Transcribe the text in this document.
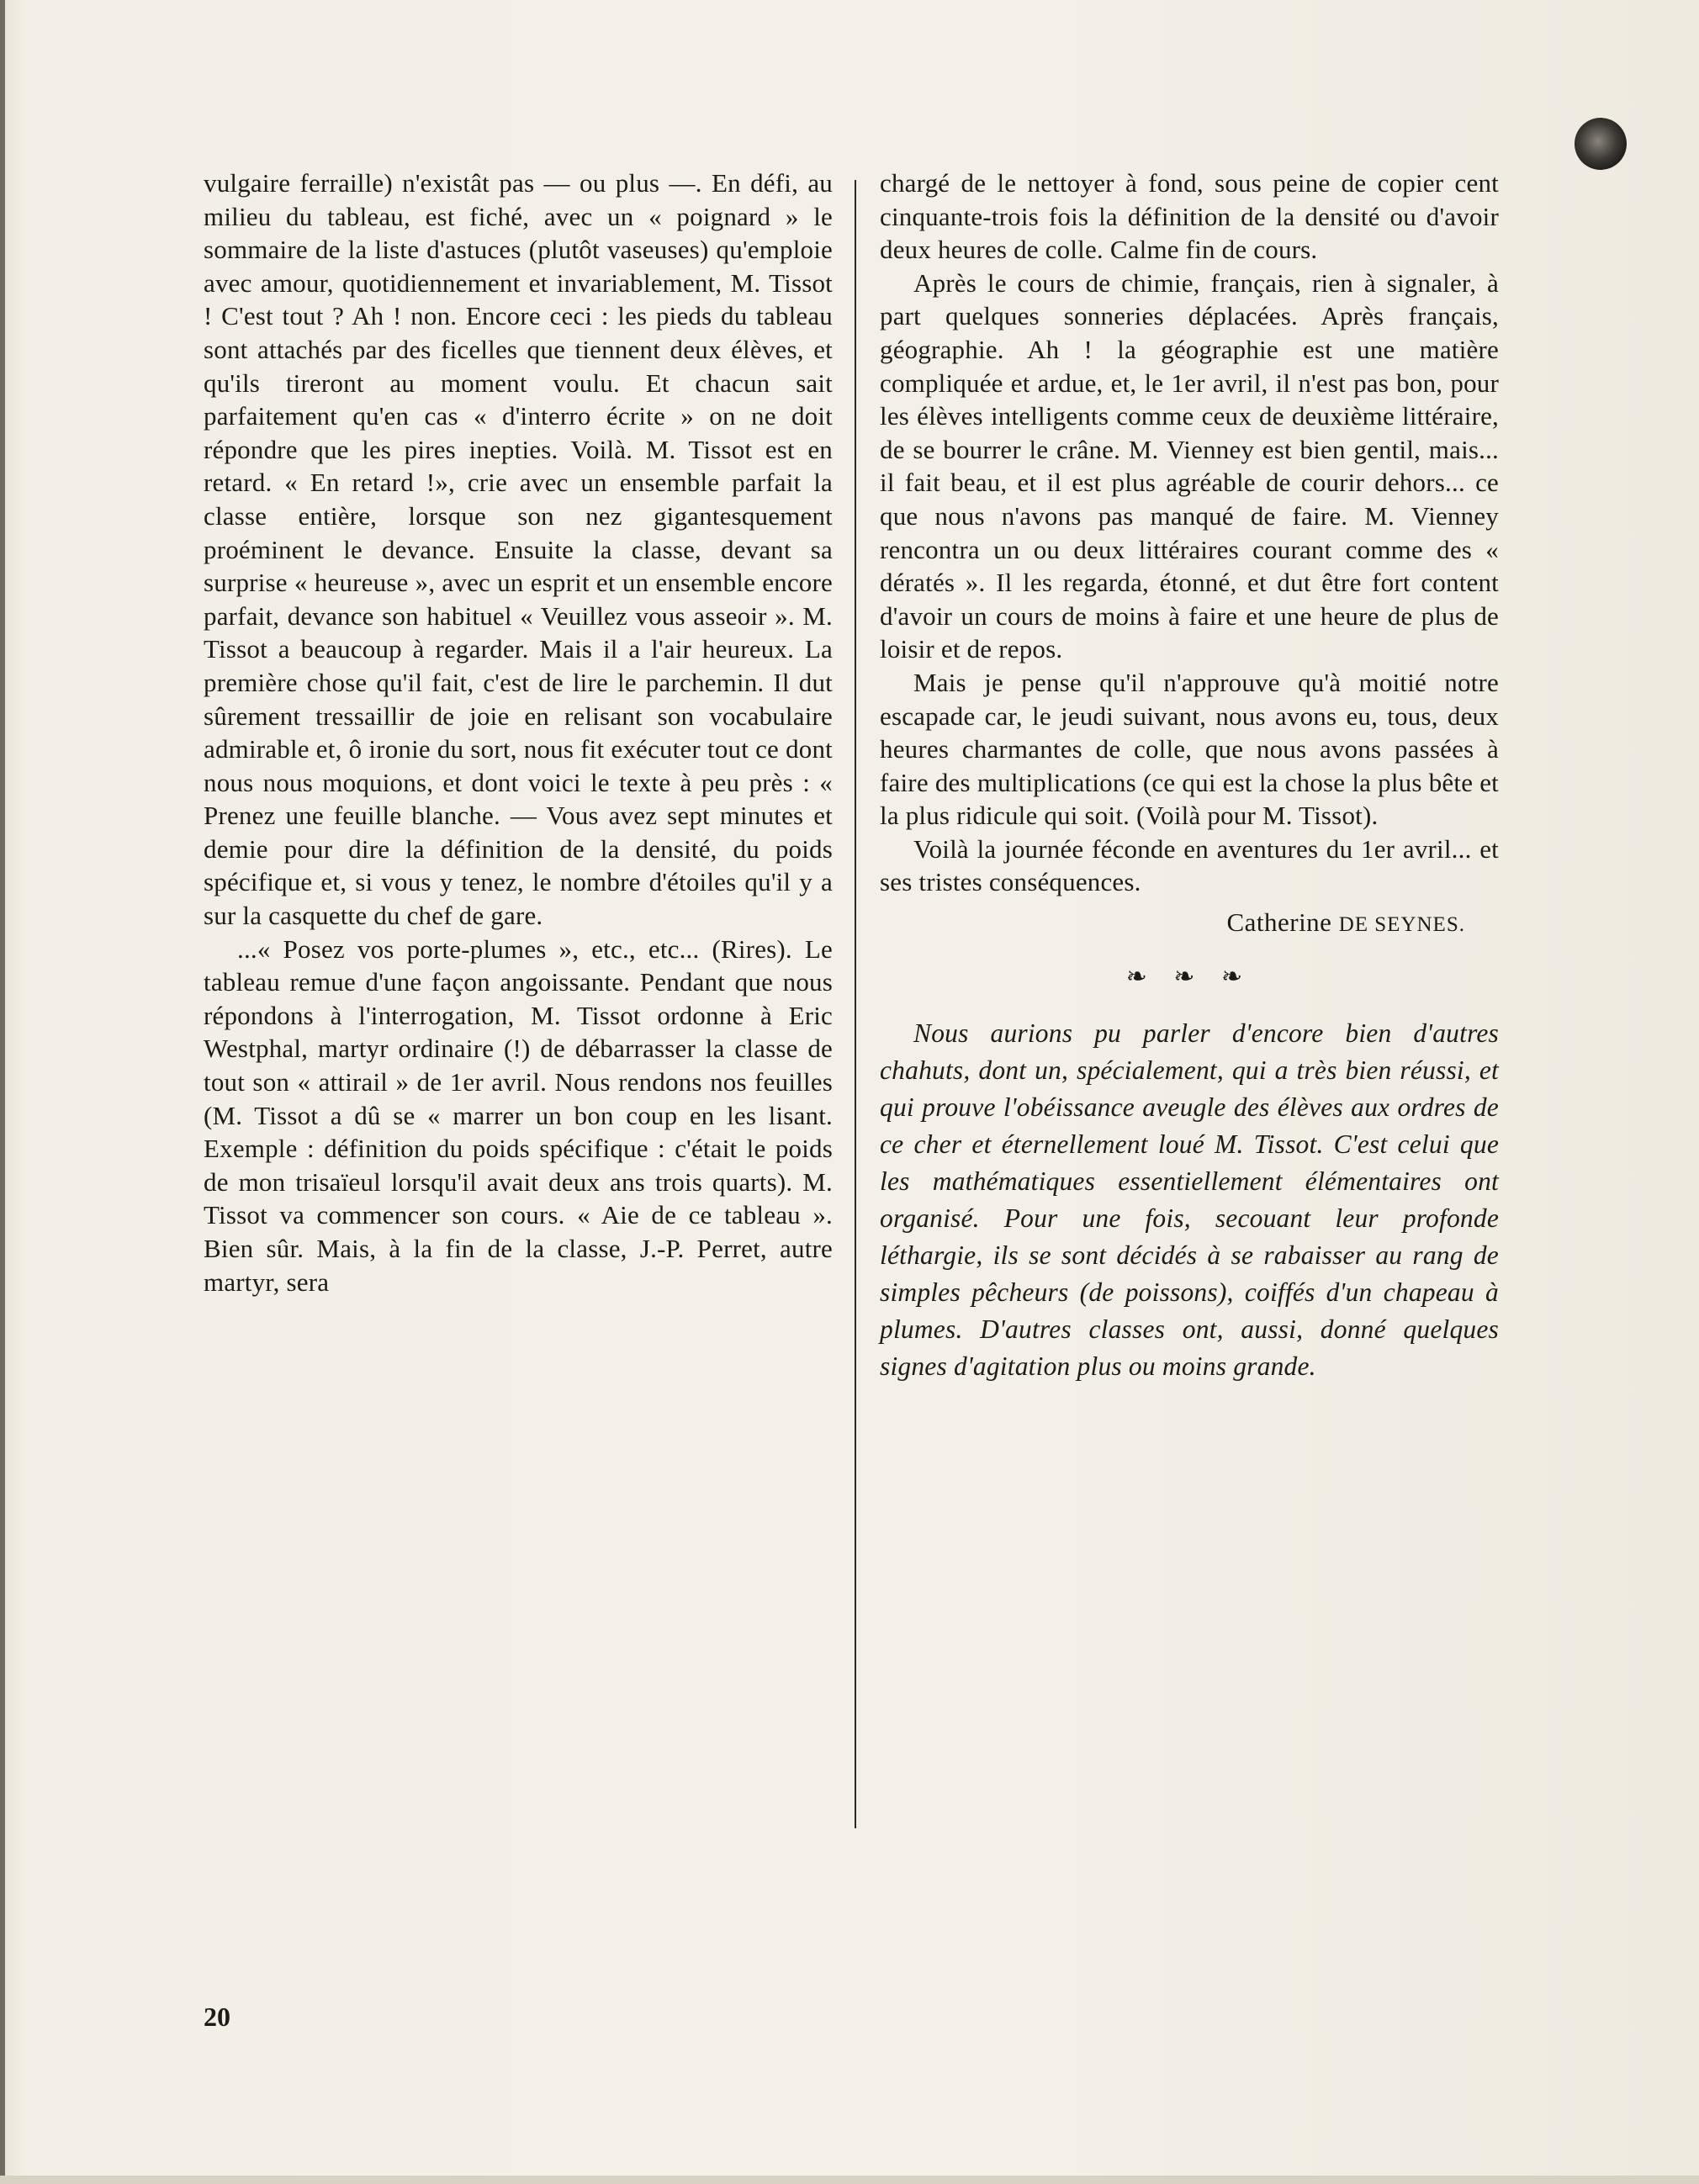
vulgaire ferraille) n'existât pas — ou plus —. En défi, au milieu du tableau, est fiché, avec un « poignard » le sommaire de la liste d'astuces (plutôt vaseuses) qu'emploie avec amour, quotidiennement et invariablement, M. Tissot ! C'est tout ? Ah ! non. Encore ceci : les pieds du tableau sont attachés par des ficelles que tiennent deux élèves, et qu'ils tireront au moment voulu. Et chacun sait parfaitement qu'en cas « d'interro écrite » on ne doit répondre que les pires inepties. Voilà. M. Tissot est en retard. « En retard !», crie avec un ensemble parfait la classe entière, lorsque son nez gigantesquement proéminent le devance. Ensuite la classe, devant sa surprise « heureuse », avec un esprit et un ensemble encore parfait, devance son habituel « Veuillez vous asseoir ». M. Tissot a beaucoup à regarder. Mais il a l'air heureux. La première chose qu'il fait, c'est de lire le parchemin. Il dut sûrement tressaillir de joie en relisant son vocabulaire admirable et, ô ironie du sort, nous fit exécuter tout ce dont nous nous moquions, et dont voici le texte à peu près : « Prenez une feuille blanche. — Vous avez sept minutes et demie pour dire la définition de la densité, du poids spécifique et, si vous y tenez, le nombre d'étoiles qu'il y a sur la casquette du chef de gare.

...« Posez vos porte-plumes », etc., etc... (Rires). Le tableau remue d'une façon angoissante. Pendant que nous répondons à l'interrogation, M. Tissot ordonne à Eric Westphal, martyr ordinaire (!) de débarrasser la classe de tout son « attirail » de 1er avril. Nous rendons nos feuilles (M. Tissot a dû se « marrer un bon coup en les lisant. Exemple : définition du poids spécifique : c'était le poids de mon trisaïeul lorsqu'il avait deux ans trois quarts). M. Tissot va commencer son cours. « Aie de ce tableau ». Bien sûr. Mais, à la fin de la classe, J.-P. Perret, autre martyr, sera

chargé de le nettoyer à fond, sous peine de copier cent cinquante-trois fois la définition de la densité ou d'avoir deux heures de colle. Calme fin de cours.

Après le cours de chimie, français, rien à signaler, à part quelques sonneries déplacées. Après français, géographie. Ah ! la géographie est une matière compliquée et ardue, et, le 1er avril, il n'est pas bon, pour les élèves intelligents comme ceux de deuxième littéraire, de se bourrer le crâne. M. Vienney est bien gentil, mais... il fait beau, et il est plus agréable de courir dehors... ce que nous n'avons pas manqué de faire. M. Vienney rencontra un ou deux littéraires courant comme des « dératés ». Il les regarda, étonné, et dut être fort content d'avoir un cours de moins à faire et une heure de plus de loisir et de repos.

Mais je pense qu'il n'approuve qu'à moitié notre escapade car, le jeudi suivant, nous avons eu, tous, deux heures charmantes de colle, que nous avons passées à faire des multiplications (ce qui est la chose la plus bête et la plus ridicule qui soit. (Voilà pour M. Tissot).

Voilà la journée féconde en aventures du 1er avril... et ses tristes conséquences.

Catherine DE SEYNES.
❧ ❧ ❧

Nous aurions pu parler d'encore bien d'autres chahuts, dont un, spécialement, qui a très bien réussi, et qui prouve l'obéissance aveugle des élèves aux ordres de ce cher et éternellement loué M. Tissot. C'est celui que les mathématiques essentiellement élémentaires ont organisé. Pour une fois, secouant leur profonde léthargie, ils se sont décidés à se rabaisser au rang de simples pêcheurs (de poissons), coiffés d'un chapeau à plumes. D'autres classes ont, aussi, donné quelques signes d'agitation plus ou moins grande.

20
